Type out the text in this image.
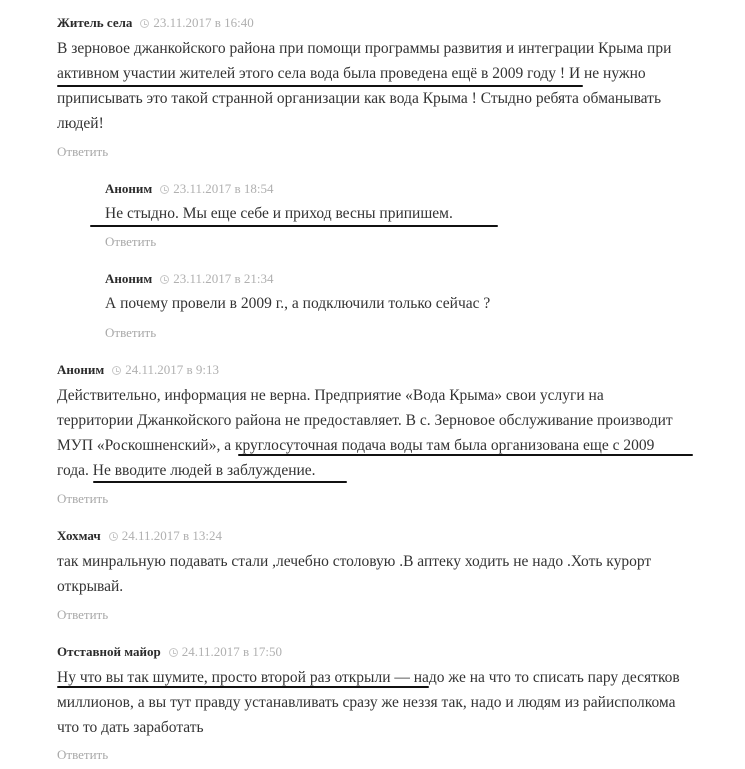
Житель села 23.11.2017 в 16:40
В зерновое джанкойского района при помощи программы развития и интеграции Крыма при
активном участии жителей этого села вода была проведена ещё в 2009 году ! И не нужно
приписывать это такой странной организации как вода Крыма ! Стыдно ребята обманывать
людей!
Ответить
Аноним 23.11.2017 в 18:54
Не стыдно. Мы еще себе и приход весны припишем.
Ответить
Аноним 23.11.2017 в 21:34
А почему провели в 2009 г., а подключили только сейчас ?
Ответить
Аноним 24.11.2017 в 9:13
Действительно, информация не верна. Предприятие «Вода Крыма» свои услуги на
территории Джанкойского района не предоставляет. В с. Зерновое обслуживание производит
МУП «Роскошненский», а круглосуточная подача воды там была организована еще с 2009
года. Не вводите людей в заблуждение.
Ответить
Хохмач 24.11.2017 в 13:24
так минральную подавать стали ,лечебно столовую .В аптеку ходить не надо .Хоть курорт
открывай.
Ответить
Отставной майор 24.11.2017 в 17:50
Ну что вы так шумите, просто второй раз открыли — надо же на что то списать пару десятков
миллионов, а вы тут правду устанавливать сразу же неззя так, надо и людям из райисполкома
что то дать заработать
Ответить
